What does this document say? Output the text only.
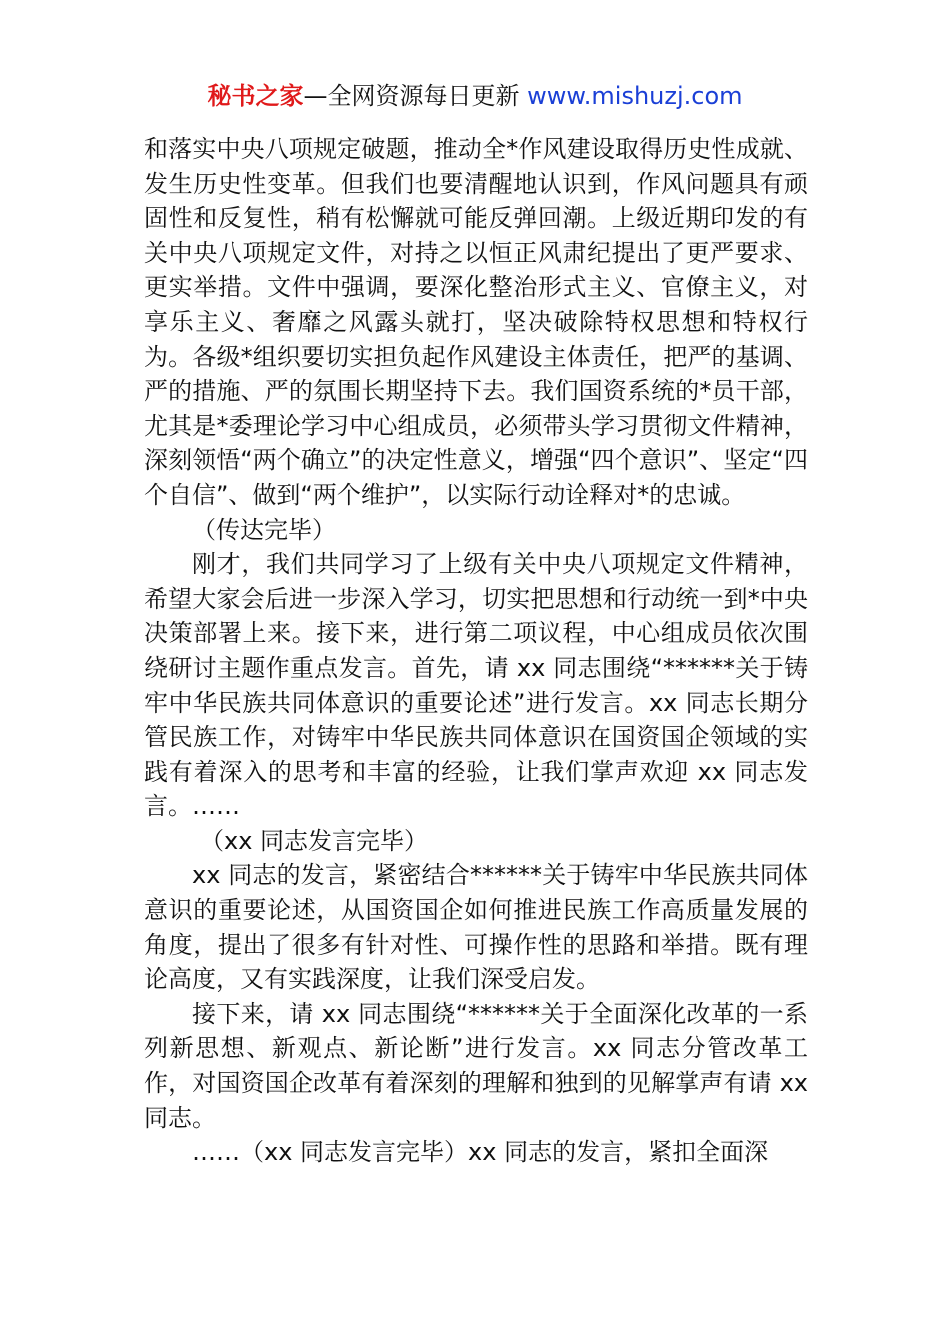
秘书之家—全网资源每日更新 www.mishuzj.com

和落实中央八项规定破题，推动全*作风建设取得历史性成就、发生历史性变革。但我们也要清醒地认识到，作风问题具有顽固性和反复性，稍有松懈就可能反弹回潮。上级近期印发的有关中央八项规定文件，对持之以恒正风肃纪提出了更严要求、更实举措。文件中强调，要深化整治形式主义、官僚主义，对享乐主义、奢靡之风露头就打，坚决破除特权思想和特权行为。各级*组织要切实担负起作风建设主体责任，把严的基调、严的措施、严的氛围长期坚持下去。我们国资系统的*员干部，尤其是*委理论学习中心组成员，必须带头学习贯彻文件精神，深刻领悟“两个确立”的决定性意义，增强“四个意识”、坚定“四个自信”、做到“两个维护”，以实际行动诠释对*的忠诚。

（传达完毕）

刚才，我们共同学习了上级有关中央八项规定文件精神，希望大家会后进一步深入学习，切实把思想和行动统一到*中央决策部署上来。接下来，进行第二项议程，中心组成员依次围绕研讨主题作重点发言。首先，请 xx 同志围绕“******关于铸牢中华民族共同体意识的重要论述”进行发言。xx 同志长期分管民族工作，对铸牢中华民族共同体意识在国资国企领域的实践有着深入的思考和丰富的经验，让我们掌声欢迎 xx 同志发言。……

（xx 同志发言完毕）

xx 同志的发言，紧密结合******关于铸牢中华民族共同体意识的重要论述，从国资国企如何推进民族工作高质量发展的角度，提出了很多有针对性、可操作性的思路和举措。既有理论高度，又有实践深度，让我们深受启发。

接下来，请 xx 同志围绕“******关于全面深化改革的一系列新思想、新观点、新论断”进行发言。xx 同志分管改革工作，对国资国企改革有着深刻的理解和独到的见解掌声有请 xx 同志。

……（xx 同志发言完毕）xx 同志的发言，紧扣全面深
